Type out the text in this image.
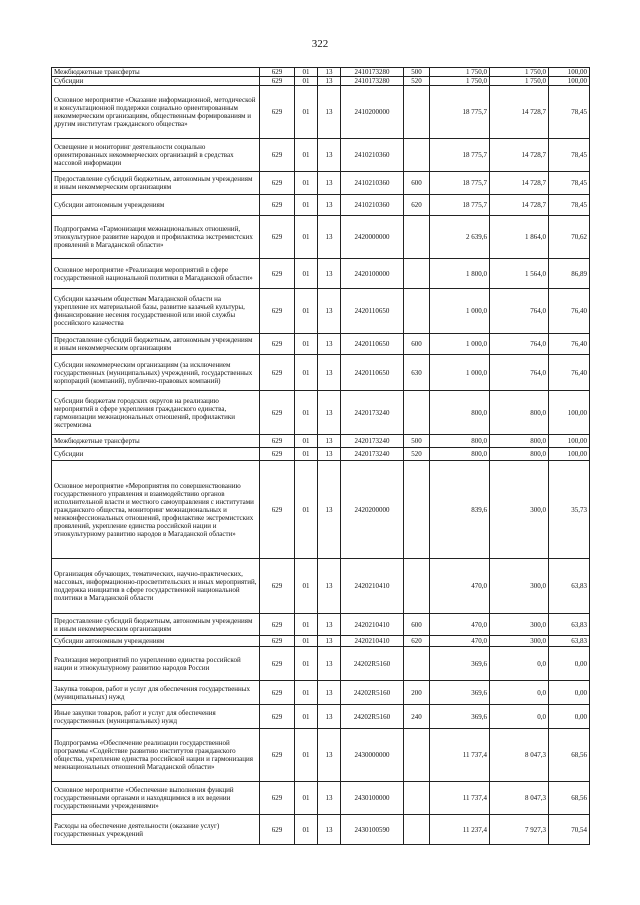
322
Межбюджетные трансферты	629	01	13	2410173280	500	1 750,0	1 750,0	100,00
Субсидии	629	01	13	2410173280	520	1 750,0	1 750,0	100,00
Основное мероприятие «Оказание информационной, методической и консультационной поддержки социально ориентированным некоммерческим организациям, общественным формированиям и другим институтам гражданского общества»	629	01	13	2410200000		18 775,7	14 728,7	78,45
Освещение и мониторинг деятельности социально ориентированных некоммерческих организаций в средствах массовой информации	629	01	13	2410210360		18 775,7	14 728,7	78,45
Предоставление субсидий бюджетным, автономным учреждениям и иным некоммерческим организациям	629	01	13	2410210360	600	18 775,7	14 728,7	78,45
Субсидии автономным учреждениям	629	01	13	2410210360	620	18 775,7	14 728,7	78,45
Подпрограмма «Гармонизация межнациональных отношений, этнокультурное развитие народов и профилактика экстремистских проявлений в Магаданской области»	629	01	13	2420000000		2 639,6	1 864,0	70,62
Основное мероприятие «Реализация мероприятий в сфере государственной национальной политики в Магаданской области»	629	01	13	2420100000		1 800,0	1 564,0	86,89
Субсидии казачьим обществам Магаданской области на укрепление их материальной базы, развитие казачьей культуры, финансирование несения государственной или иной службы российского казачества	629	01	13	2420110650		1 000,0	764,0	76,40
Предоставление субсидий бюджетным, автономным учреждениям и иным некоммерческим организациям	629	01	13	2420110650	600	1 000,0	764,0	76,40
Субсидии некоммерческим организациям (за исключением государственных (муниципальных) учреждений, государственных корпораций (компаний), публично-правовых компаний)	629	01	13	2420110650	630	1 000,0	764,0	76,40
Субсидии бюджетам городских округов на реализацию мероприятий в сфере укрепления гражданского единства, гармонизации межнациональных отношений, профилактики экстремизма	629	01	13	2420173240		800,0	800,0	100,00
Межбюджетные трансферты	629	01	13	2420173240	500	800,0	800,0	100,00
Субсидии	629	01	13	2420173240	520	800,0	800,0	100,00
Основное мероприятие «Мероприятия по совершенствованию государственного управления и взаимодействию органов исполнительной власти и местного самоуправления с институтами гражданского общества, мониторинг межнациональных и межконфессиональных отношений, профилактике экстремистских проявлений, укрепление единства российской нации и этнокультурному развитию народов в Магаданской области»	629	01	13	2420200000		839,6	300,0	35,73
Организация обучающих, тематических, научно-практических, массовых, информационно-просветительских и иных мероприятий, поддержка инициатив в сфере государственной национальной политики в Магаданской области	629	01	13	2420210410		470,0	300,0	63,83
Предоставление субсидий бюджетным, автономным учреждениям и иным некоммерческим организациям	629	01	13	2420210410	600	470,0	300,0	63,83
Субсидии автономным учреждениям	629	01	13	2420210410	620	470,0	300,0	63,83
Реализация мероприятий по укреплению единства российской нации и этнокультурному развитию народов России	629	01	13	24202R5160		369,6	0,0	0,00
Закупка товаров, работ и услуг для обеспечения государственных (муниципальных) нужд	629	01	13	24202R5160	200	369,6	0,0	0,00
Иные закупки товаров, работ и услуг для обеспечения государственных (муниципальных) нужд	629	01	13	24202R5160	240	369,6	0,0	0,00
Подпрограмма «Обеспечение реализации государственной программы «Содействие развитию институтов гражданского общества, укрепление единства российской нации и гармонизация межнациональных отношений Магаданской области»	629	01	13	2430000000		11 737,4	8 047,3	68,56
Основное мероприятие «Обеспечение выполнения функций государственными органами и находящимися в их ведении государственными учреждениями»	629	01	13	2430100000		11 737,4	8 047,3	68,56
Расходы на обеспечение деятельности (оказание услуг) государственных учреждений	629	01	13	2430100590		11 237,4	7 927,3	70,54
